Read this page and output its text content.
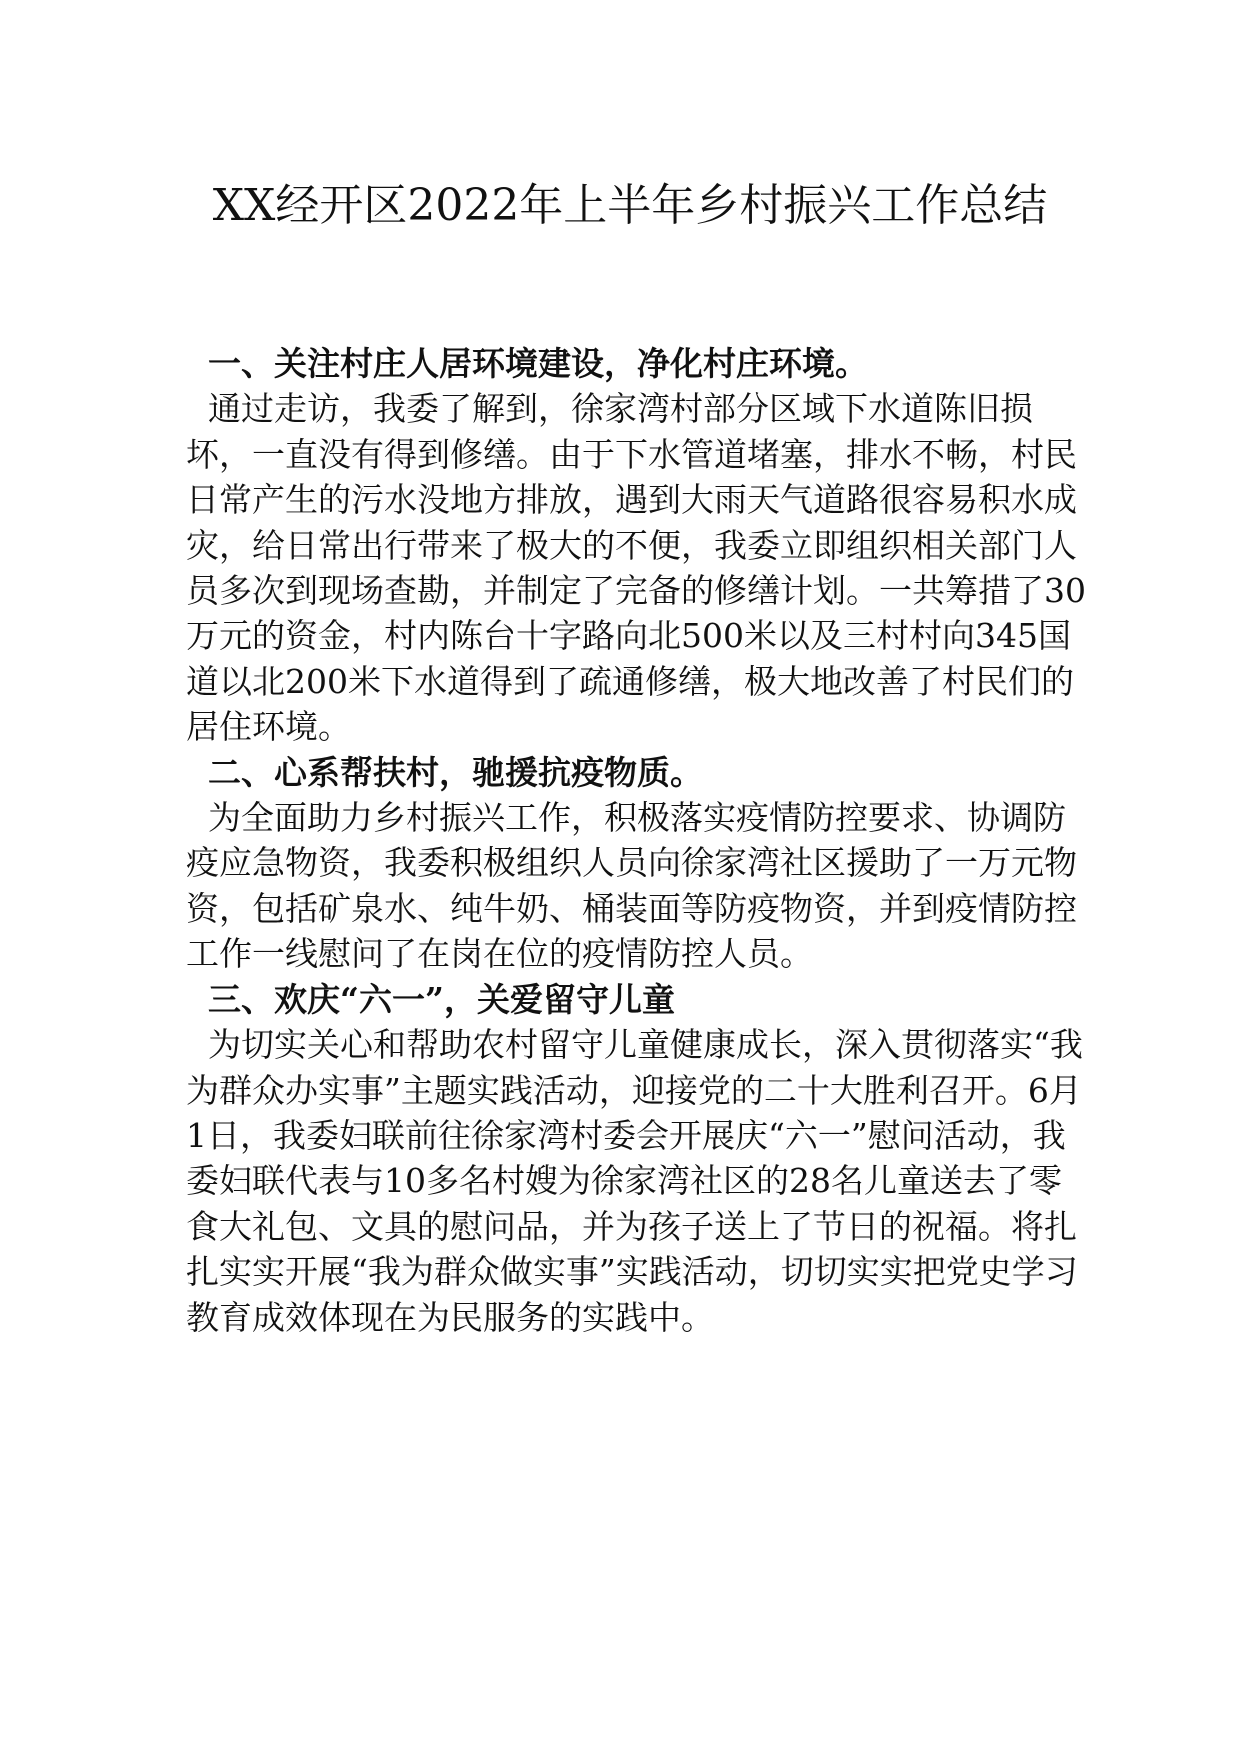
XX经开区2022年上半年乡村振兴工作总结

一、关注村庄人居环境建设，净化村庄环境。

通过走访，我委了解到，徐家湾村部分区域下水道陈旧损坏，一直没有得到修缮。由于下水管道堵塞，排水不畅，村民日常产生的污水没地方排放，遇到大雨天气道路很容易积水成灾，给日常出行带来了极大的不便，我委立即组织相关部门人员多次到现场查勘，并制定了完备的修缮计划。一共筹措了30万元的资金，村内陈台十字路向北500米以及三村村向345国道以北200米下水道得到了疏通修缮，极大地改善了村民们的居住环境。

二、心系帮扶村，驰援抗疫物质。

为全面助力乡村振兴工作，积极落实疫情防控要求、协调防疫应急物资，我委积极组织人员向徐家湾社区援助了一万元物资，包括矿泉水、纯牛奶、桶装面等防疫物资，并到疫情防控工作一线慰问了在岗在位的疫情防控人员。

三、欢庆“六一”，关爱留守儿童

为切实关心和帮助农村留守儿童健康成长，深入贯彻落实“我为群众办实事”主题实践活动，迎接党的二十大胜利召开。6月1日，我委妇联前往徐家湾村委会开展庆“六一”慰问活动，我委妇联代表与10多名村嫂为徐家湾社区的28名儿童送去了零食大礼包、文具的慰问品，并为孩子送上了节日的祝福。将扎扎实实开展“我为群众做实事”实践活动，切切实实把党史学习教育成效体现在为民服务的实践中。
